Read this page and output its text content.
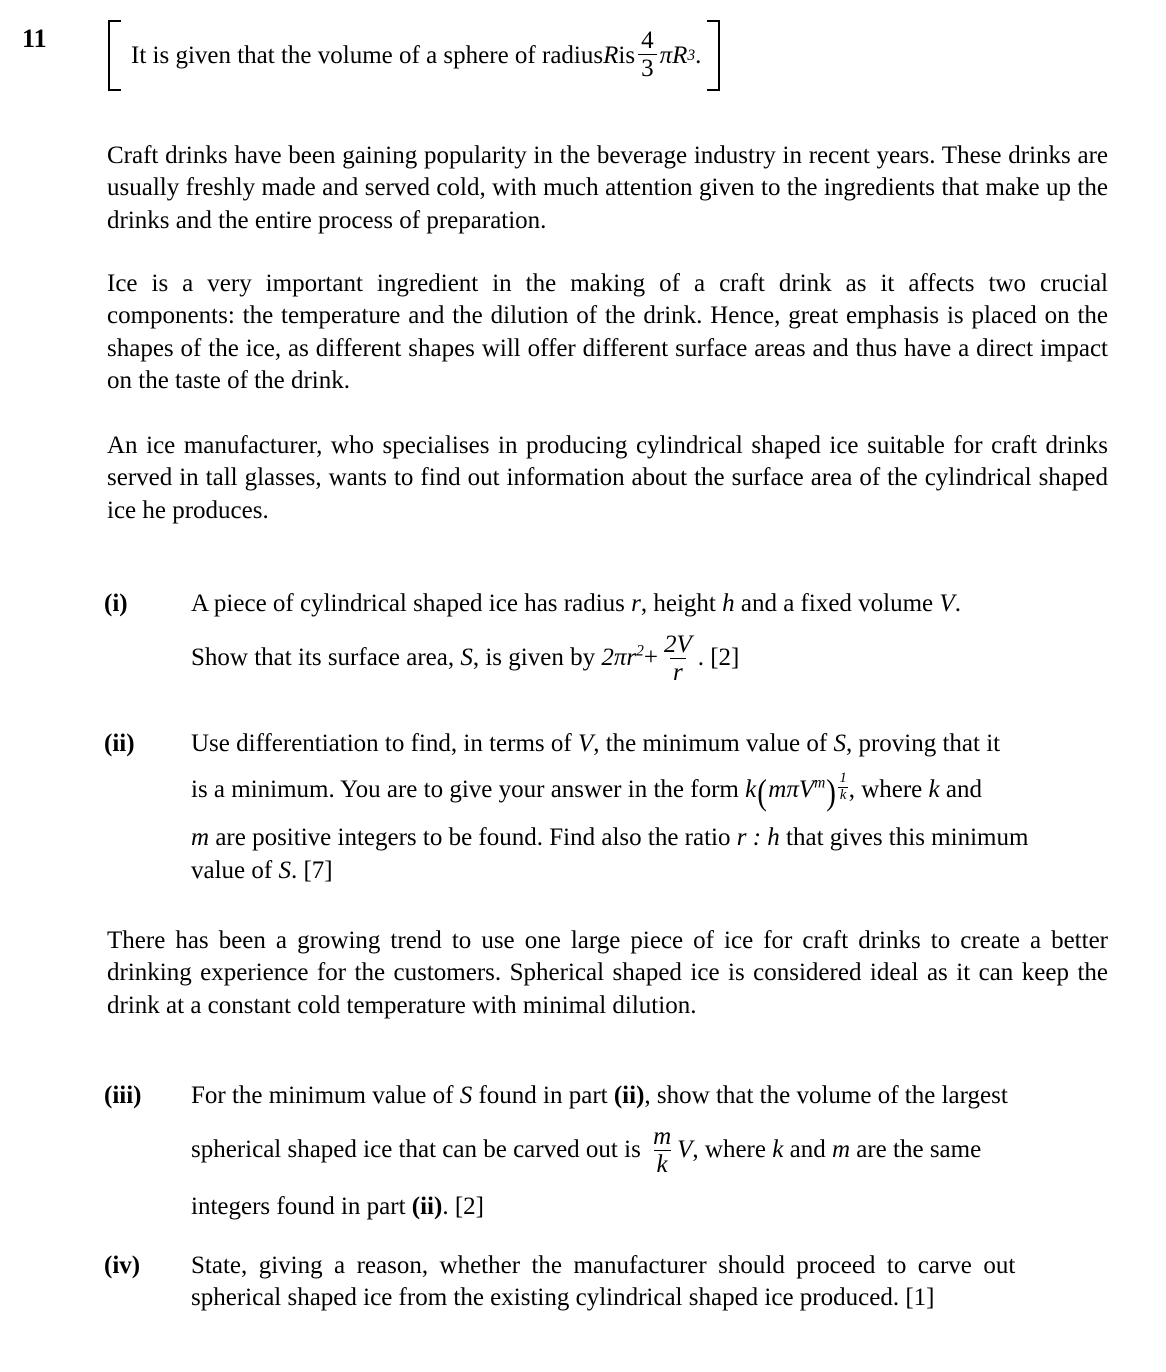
11
It is given that the volume of a sphere of radius R is $\frac{4}{3}$ π R 3 .
Craft drinks have been gaining popularity in the beverage industry in recent years. These drinks are usually freshly made and served cold, with much attention given to the ingredients that make up the drinks and the entire process of preparation.
Ice is a very important ingredient in the making of a craft drink as it affects two crucial components: the temperature and the dilution of the drink. Hence, great emphasis is placed on the shapes of the ice, as different shapes will offer different surface areas and thus have a direct impact on the taste of the drink.
An ice manufacturer, who specialises in producing cylindrical shaped ice suitable for craft drinks served in tall glasses, wants to find out information about the surface area of the cylindrical shaped ice he produces.
(i)	A piece of cylindrical shaped ice has radius r, height h and a fixed volume V.
Show that its surface area, S, is given by $2\pi r^2+ \frac{2V}{r}$ . [2]
(ii) Use differentiation to find, in terms of V, the minimum value of S, proving that it
is a minimum. You are to give your answer in the form $k(m\pi V^m) \frac{1}{k}$ , where k and
m are positive integers to be found. Find also the ratio r : h that gives this minimum
value of S. [7]
There has been a growing trend to use one large piece of ice for craft drinks to create a better drinking experience for the customers. Spherical shaped ice is considered ideal as it can keep the drink at a constant cold temperature with minimal dilution.
(iii) For the minimum value of S found in part (ii), show that the volume of the largest
spherical shaped ice that can be carved out is $\frac{m}{k} V$, where k and m are the same
integers found in part (ii). [2]
(iv) State, giving a reason, whether the manufacturer should proceed to carve out
spherical shaped ice from the existing cylindrical shaped ice produced. [1]
